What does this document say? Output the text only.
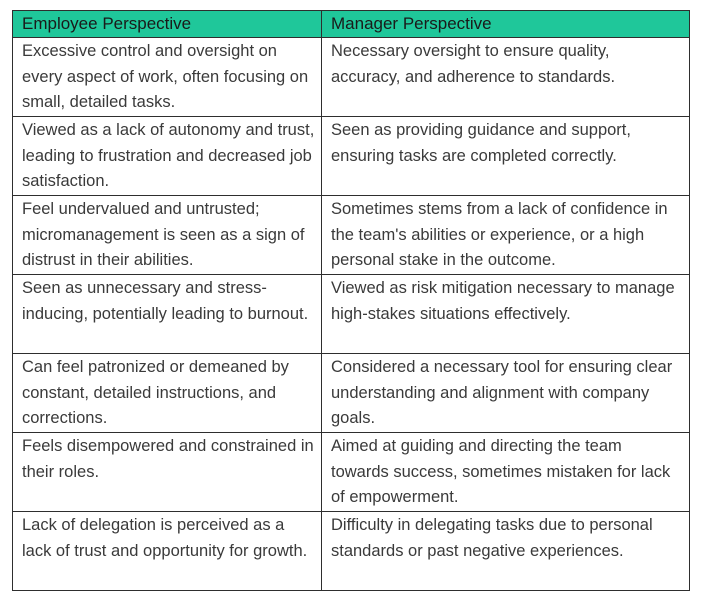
Employee Perspective	Manager Perspective
Excessive control and oversight on every aspect of work, often focusing on small, detailed tasks.	Necessary oversight to ensure quality, accuracy, and adherence to standards.
Viewed as a lack of autonomy and trust, leading to frustration and decreased job satisfaction.	Seen as providing guidance and support, ensuring tasks are completed correctly.
Feel undervalued and untrusted; micromanagement is seen as a sign of distrust in their abilities.	Sometimes stems from a lack of confidence in the team's abilities or experience, or a high personal stake in the outcome.
Seen as unnecessary and stress-inducing, potentially leading to burnout.	Viewed as risk mitigation necessary to manage high-stakes situations effectively.
Can feel patronized or demeaned by constant, detailed instructions, and corrections.	Considered a necessary tool for ensuring clear understanding and alignment with company goals.
Feels disempowered and constrained in their roles.	Aimed at guiding and directing the team towards success, sometimes mistaken for lack of empowerment.
Lack of delegation is perceived as a lack of trust and opportunity for growth.	Difficulty in delegating tasks due to personal standards or past negative experiences.
